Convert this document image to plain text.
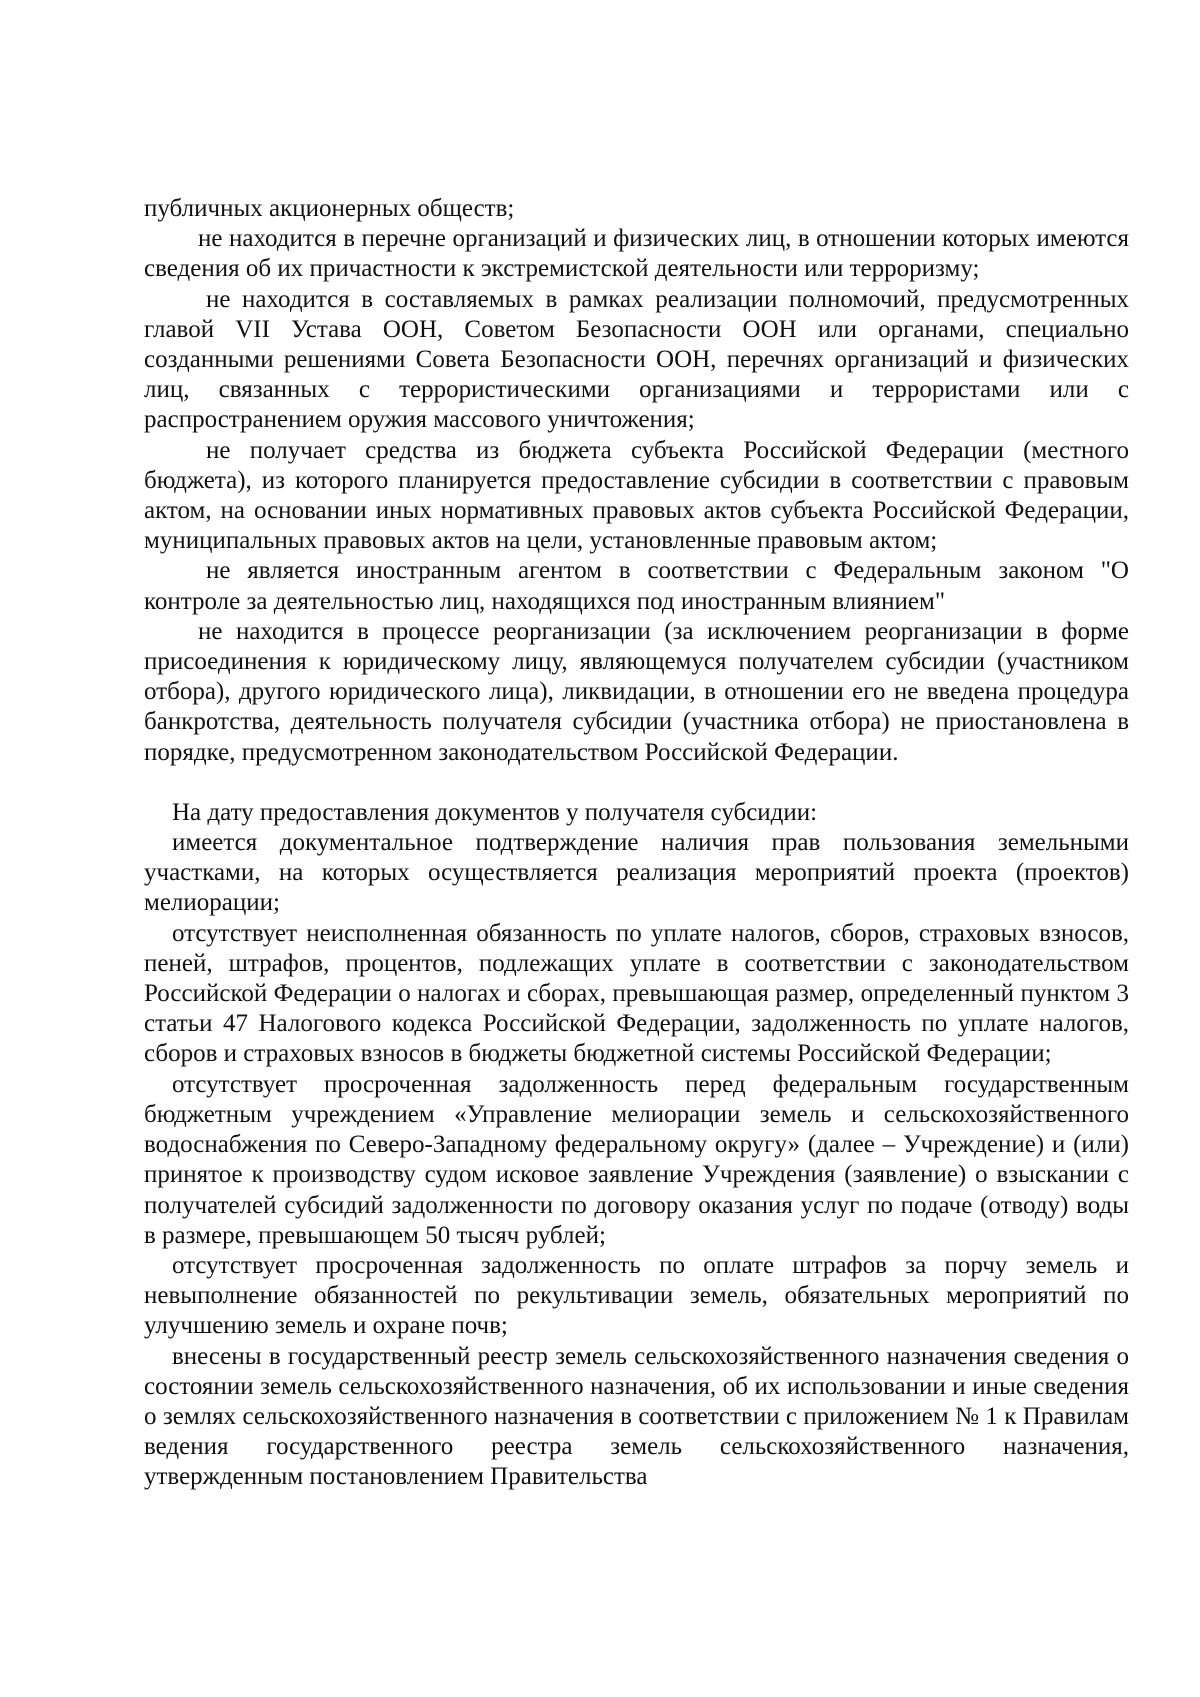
публичных акционерных обществ;

не находится в перечне организаций и физических лиц, в отношении которых имеются сведения об их причастности к экстремистской деятельности или терроризму;

не находится в составляемых в рамках реализации полномочий, предусмотренных главой VII Устава ООН, Советом Безопасности ООН или органами, специально созданными решениями Совета Безопасности ООН, перечнях организаций и физических лиц, связанных с террористическими организациями и террористами или с распространением оружия массового уничтожения;

не получает средства из бюджета субъекта Российской Федерации (местного бюджета), из которого планируется предоставление субсидии в соответствии с правовым актом, на основании иных нормативных правовых актов субъекта Российской Федерации, муниципальных правовых актов на цели, установленные правовым актом;

не является иностранным агентом в соответствии с Федеральным законом "О контроле за деятельностью лиц, находящихся под иностранным влиянием"

не находится в процессе реорганизации (за исключением реорганизации в форме присоединения к юридическому лицу, являющемуся получателем субсидии (участником отбора), другого юридического лица), ликвидации, в отношении его не введена процедура банкротства, деятельность получателя субсидии (участника отбора) не приостановлена в порядке, предусмотренном законодательством Российской Федерации.

На дату предоставления документов у получателя субсидии:

имеется документальное подтверждение наличия прав пользования земельными участками, на которых осуществляется реализация мероприятий проекта (проектов) мелиорации;

отсутствует неисполненная обязанность по уплате налогов, сборов, страховых взносов, пеней, штрафов, процентов, подлежащих уплате в соответствии с законодательством Российской Федерации о налогах и сборах, превышающая размер, определенный пунктом 3 статьи 47 Налогового кодекса Российской Федерации, задолженность по уплате налогов, сборов и страховых взносов в бюджеты бюджетной системы Российской Федерации;

отсутствует просроченная задолженность перед федеральным государственным бюджетным учреждением «Управление мелиорации земель и сельскохозяйственного водоснабжения по Северо-Западному федеральному округу» (далее – Учреждение) и (или) принятое к производству судом исковое заявление Учреждения (заявление) о взыскании с получателей субсидий задолженности по договору оказания услуг по подаче (отводу) воды в размере, превышающем 50 тысяч рублей;

отсутствует просроченная задолженность по оплате штрафов за порчу земель и невыполнение обязанностей по рекультивации земель, обязательных мероприятий по улучшению земель и охране почв;

внесены в государственный реестр земель сельскохозяйственного назначения сведения о состоянии земель сельскохозяйственного назначения, об их использовании и иные сведения о землях сельскохозяйственного назначения в соответствии с приложением № 1 к Правилам ведения государственного реестра земель сельскохозяйственного назначения, утвержденным постановлением Правительства
